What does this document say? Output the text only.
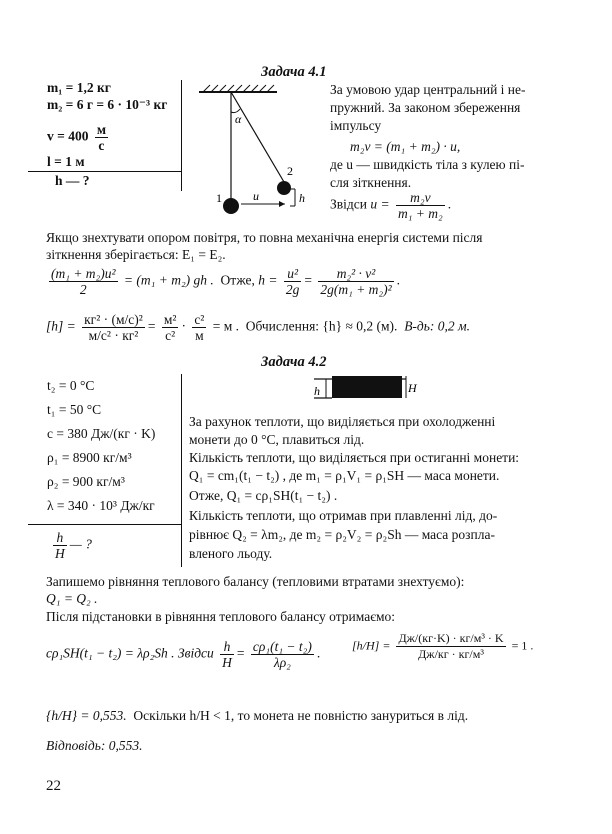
Задача 4.1
m₁ = 1,2 кг
m₂ = 6 г = 6 · 10⁻³ кг
$v = 400 \frac{м}{с}$
l = 1 м
h — ?
α
2
1	u	h
За умовою удар центральний і не-
пружний. За законом збереження
імпульсу
m₂v = (m₁ + m₂) · u,
де u — швидкість тіла з кулею пі-
сля зіткнення.
Звідси $u = \frac{\text{m₂v}}{\text{m₁ + m₂}}$ .
Якщо знехтувати опором повітря, то повна механічна енергія системи після
зіткнення зберігається: E₁ = E₂.
$\frac{\text{(m₁ + m₂)u²}}{2} = (m_1 + m_2)$ gh . Отже, $h = \frac{\text{u²}}{2g} = \frac{\text{m₂² · v²}}{\text{2g(m₁ + m₂)²}}$ .
$[h] = \frac{\text{кг² · (м/с)²}}{\text{м/с² · кг²}} = \frac{\text{м²}}{\text{с²}} \cdot \frac{\text{с²}}{м} = м$ . Обчислення: {h} ≈ 0,2 (м). В-дь: 0,2 м.
Задача 4.2
t₂ = 0 °C
t₁ = 50 °C
c = 380 Дж/(кг · K)
ρ₁ = 8900 кг/м³
ρ₂ = 900 кг/м³
λ = 340 · 10³ Дж/кг
$\frac{h}{H}$ — ?
h	H
За рахунок теплоти, що виділяється при охолодженні
монети до 0 °C, плавиться лід.
Кількість теплоти, що виділяється при остиганні монети:
Q₁ = cm₁(t₁ − t₂) , де m₁ = ρ₁V₁ = ρ₁SH — маса монети.
Отже, Q₁ = cρ₁SH(t₁ − t₂) .
Кількість теплоти, що отримав при плавленні лід, до-
рівнює Q₂ = λm₂, де m₂ = ρ₂V₂ = ρ₂Sh — маса розпла-
вленого льоду.
Запишемо рівняння теплового балансу (тепловими втратами знехтуємо):
Q₁ = Q₂ .
Після підстановки в рівняння теплового балансу отримаємо:
cρ₁SH(t₁ − t₂) = λρ₂Sh . Звідси $\frac{h}{H} = \frac{\text{cρ₁(t₁ − t₂)}}{\text{λρ₂}}$ .
$[h/H] = \frac{\text{Дж/(кг·K) · кг/м³ · K}}{\text{Дж/кг · кг/м³}} = 1$ .
{h/H} = 0,553. Оскільки h/H < 1, то монета не повністю зануриться в лід.
Відповідь: 0,553.
22
